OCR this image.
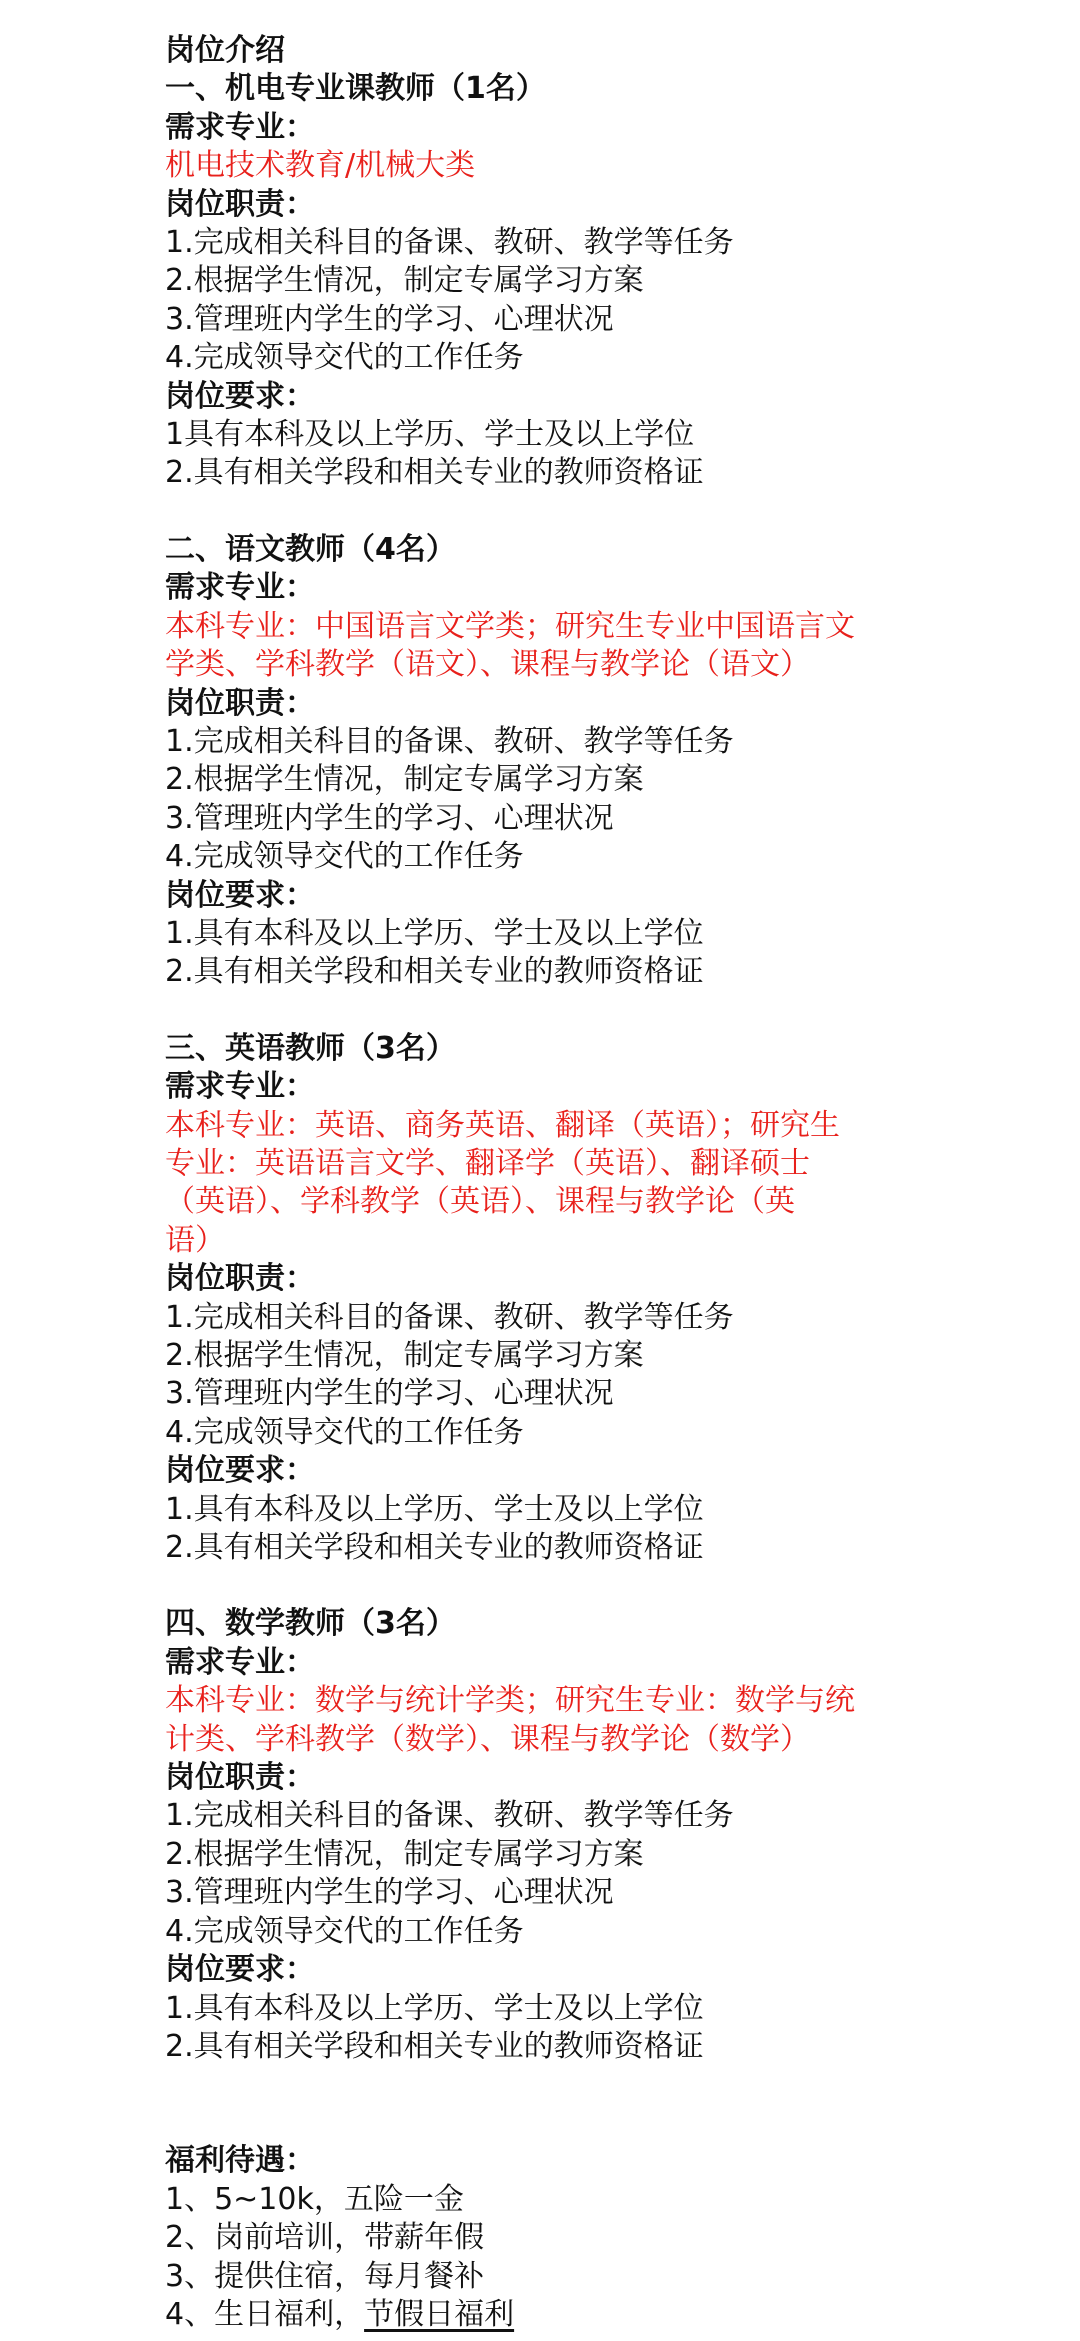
岗位介绍
一、机电专业课教师（1名）
需求专业：
机电技术教育/机械大类
岗位职责：
1.完成相关科目的备课、教研、教学等任务
2.根据学生情况，制定专属学习方案
3.管理班内学生的学习、心理状况
4.完成领导交代的工作任务
岗位要求：
1具有本科及以上学历、学士及以上学位
2.具有相关学段和相关专业的教师资格证
二、语文教师（4名）
需求专业：
本科专业：中国语言文学类；研究生专业中国语言文
学类、学科教学（语文）、课程与教学论（语文）
岗位职责：
1.完成相关科目的备课、教研、教学等任务
2.根据学生情况，制定专属学习方案
3.管理班内学生的学习、心理状况
4.完成领导交代的工作任务
岗位要求：
1.具有本科及以上学历、学士及以上学位
2.具有相关学段和相关专业的教师资格证
三、英语教师（3名）
需求专业：
本科专业：英语、商务英语、翻译（英语）；研究生
专业：英语语言文学、翻译学（英语）、翻译硕士
（英语）、学科教学（英语）、课程与教学论（英
语）
岗位职责：
1.完成相关科目的备课、教研、教学等任务
2.根据学生情况，制定专属学习方案
3.管理班内学生的学习、心理状况
4.完成领导交代的工作任务
岗位要求：
1.具有本科及以上学历、学士及以上学位
2.具有相关学段和相关专业的教师资格证
四、数学教师（3名）
需求专业：
本科专业：数学与统计学类；研究生专业：数学与统
计类、学科教学（数学）、课程与教学论（数学）
岗位职责：
1.完成相关科目的备课、教研、教学等任务
2.根据学生情况，制定专属学习方案
3.管理班内学生的学习、心理状况
4.完成领导交代的工作任务
岗位要求：
1.具有本科及以上学历、学士及以上学位
2.具有相关学段和相关专业的教师资格证
福利待遇：
1、5~10k，五险一金
2、岗前培训，带薪年假
3、提供住宿，每月餐补
4、生日福利，节假日福利
